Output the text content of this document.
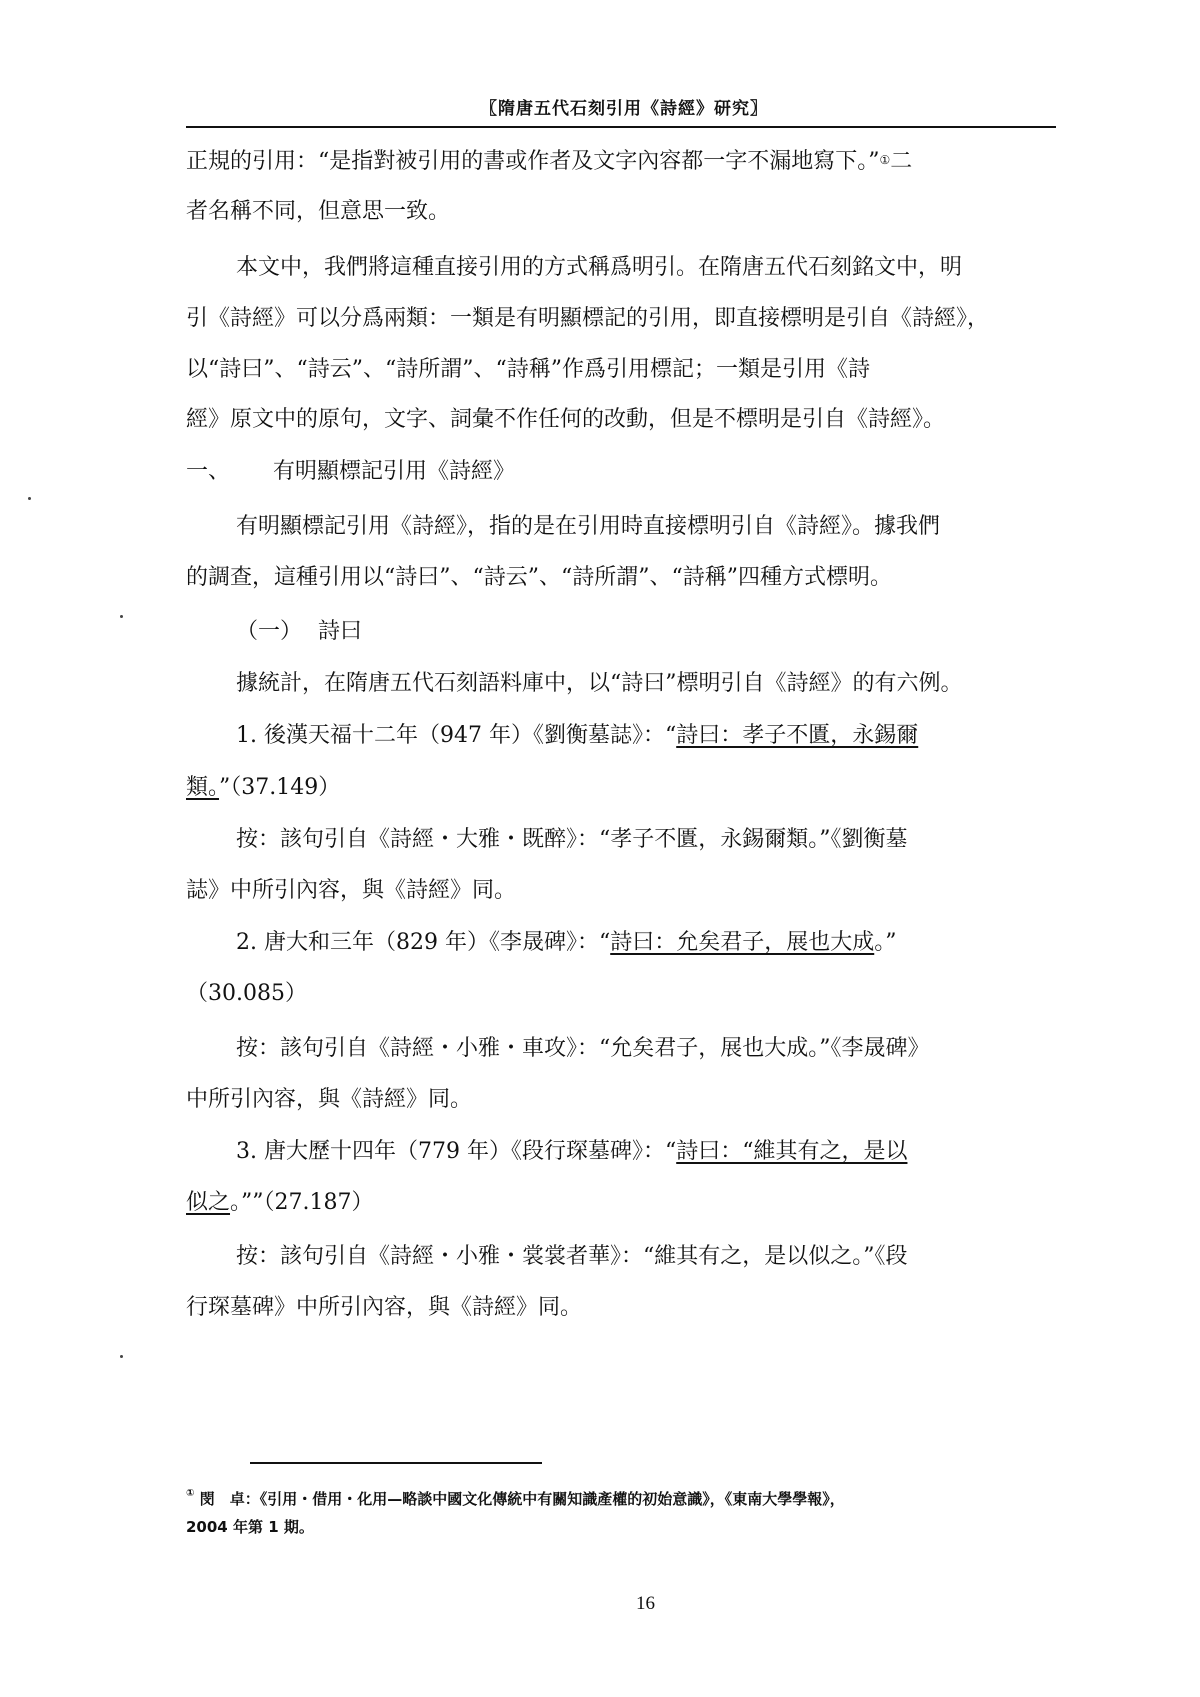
〖隋唐五代石刻引用《詩經》研究〗
正規的引用：“是指對被引用的書或作者及文字內容都一字不漏地寫下。”①二
者名稱不同，但意思一致。
本文中，我們將這種直接引用的方式稱爲明引。在隋唐五代石刻銘文中，明
引《詩經》可以分爲兩類：一類是有明顯標記的引用，即直接標明是引自《詩經》，
以“詩曰”、“詩云”、“詩所謂”、“詩稱”作爲引用標記；一類是引用《詩
經》原文中的原句，文字、詞彙不作任何的改動，但是不標明是引自《詩經》。
一、 有明顯標記引用《詩經》
有明顯標記引用《詩經》，指的是在引用時直接標明引自《詩經》。據我們
的調查，這種引用以“詩曰”、“詩云”、“詩所謂”、“詩稱”四種方式標明。
（一） 詩曰
據統計，在隋唐五代石刻語料庫中，以“詩曰”標明引自《詩經》的有六例。
1. 後漢天福十二年（947 年）《劉衡墓誌》：“詩曰：孝子不匱，永錫爾
類。”（37.149）
按：該句引自《詩經・大雅・既醉》：“孝子不匱，永錫爾類。”《劉衡墓
誌》中所引內容，與《詩經》同。
2. 唐大和三年（829 年）《李晟碑》：“詩曰：允矣君子，展也大成。”
（30.085）
按：該句引自《詩經・小雅・車攻》：“允矣君子，展也大成。”《李晟碑》
中所引內容，與《詩經》同。
3. 唐大歷十四年（779 年）《段行琛墓碑》：“詩曰：“維其有之，是以
似之。””（27.187）
按：該句引自《詩經・小雅・裳裳者華》：“維其有之，是以似之。”《段
行琛墓碑》中所引內容，與《詩經》同。
① 閔　卓：《引用・借用・化用—略談中國文化傳統中有關知識產權的初始意識》，《東南大學學報》，
2004 年第 1 期。
16
